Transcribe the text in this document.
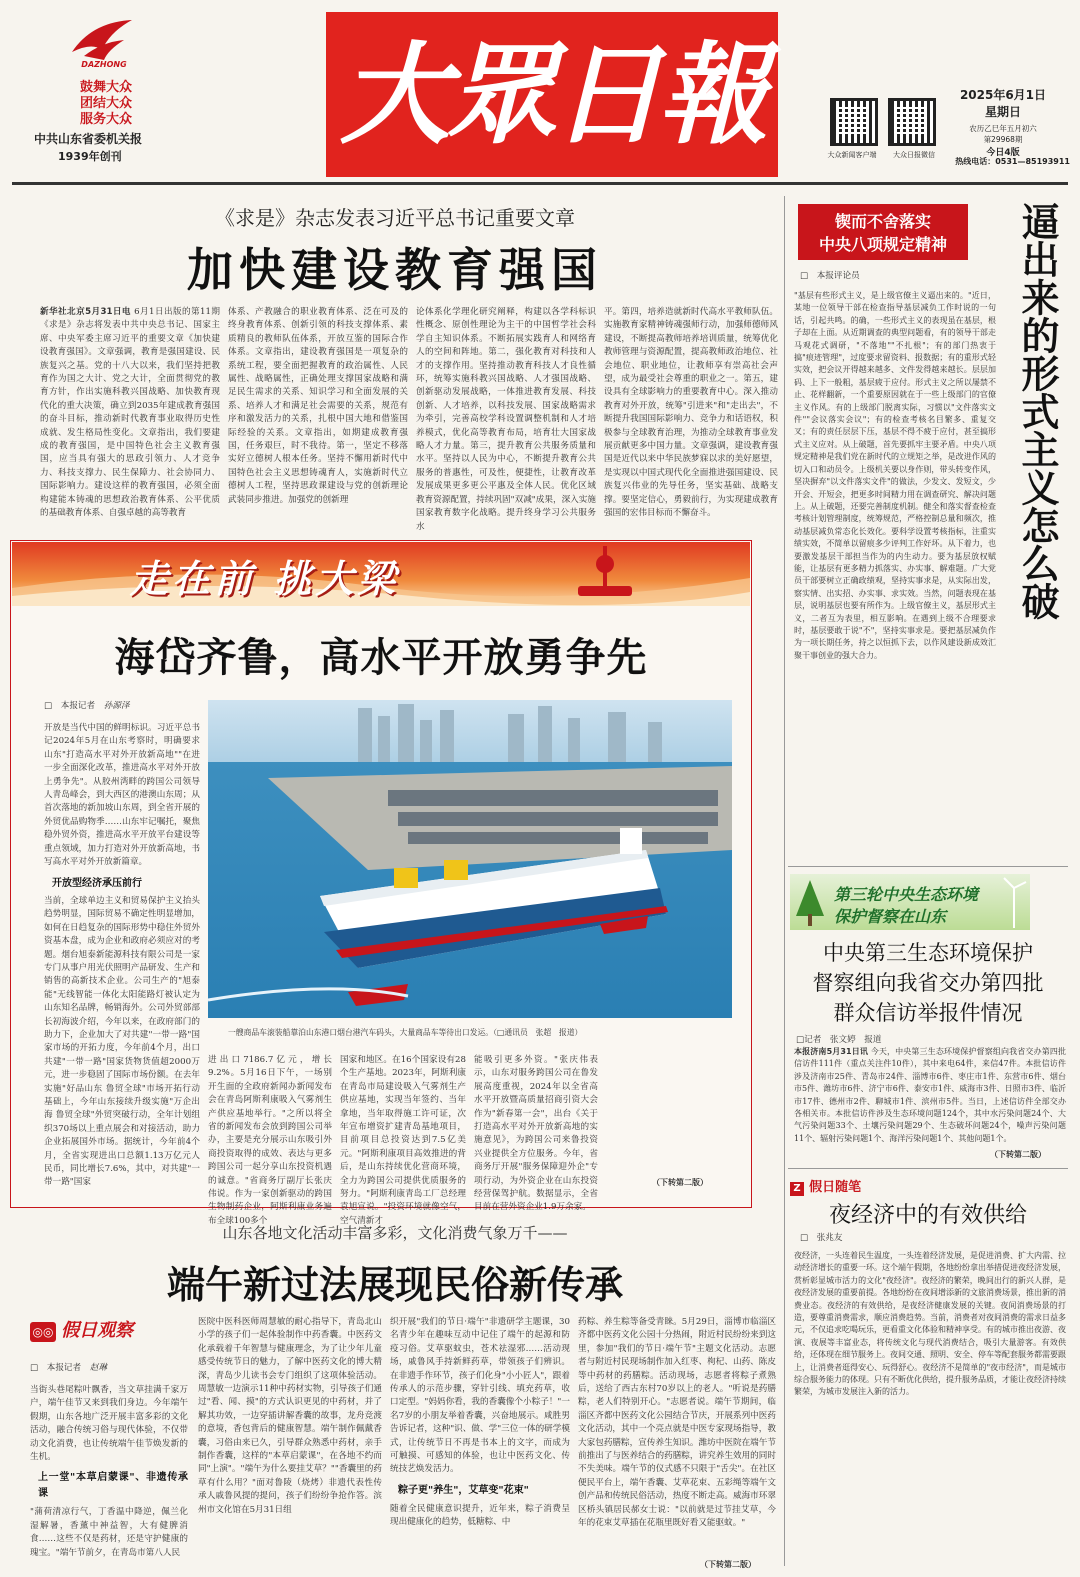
DAZHONG
鼓舞大众
团结大众
服务大众
中共山东省委机关报
1939年创刊	大眾日報	大众新闻客户端	大众日报微信
2025年6月1日
星期日
农历乙巳年五月初六
第29968期
今日4版
热线电话：0531—85193911
《求是》杂志发表习近平总书记重要文章
加快建设教育强国
新华社北京5月31日电 6月1日出版的第11期《求是》杂志将发表中共中央总书记、国家主席、中央军委主席习近平的重要文章《加快建设教育强国》。文章强调，教育是强国建设、民族复兴之基。党的十八大以来，我们坚持把教育作为国之大计、党之大计，全面贯彻党的教育方针，作出实施科教兴国战略、加快教育现代化的重大决策，确立到2035年建成教育强国的奋斗目标，推动新时代教育事业取得历史性成就、发生格局性变化。文章指出，我们要建成的教育强国，是中国特色社会主义教育强国，应当具有强大的思政引领力、人才竞争力、科技支撑力、民生保障力、社会协同力、国际影响力。建设这样的教育强国，必须全面构建能本铸魂的思想政治教育体系、公平优质的基础教育体系、自强卓越的高等教育
体系、产教融合的职业教育体系、泛在可及的终身教育体系、创新引领的科技支撑体系、素质精良的教师队伍体系，开放互鉴的国际合作体系。文章指出，建设教育强国是一项复杂的系统工程，要全面把握教育的政治属性、人民属性、战略属性，正确处理支撑国家战略和满足民生需求的关系、知识学习和全面发展的关系、培养人才和满足社会需要的关系，规范有序和激发活力的关系，扎根中国大地和借鉴国际经验的关系。文章指出，如期建成教育强国，任务艰巨，时不我待。第一，坚定不移落实好立德树人根本任务。坚持不懈用新时代中国特色社会主义思想铸魂育人，实施新时代立德树人工程，坚持思政课建设与党的创新理论武装同步推进。加强党的创新理
论体系化学理化研究阐释，构建以各学科标识性概念、原创性理论为主干的中国哲学社会科学自主知识体系。不断拓展实践育人和网络育人的空间和阵地。第二，强化教育对科技和人才的支撑作用。坚持推动教育科技人才良性循环，统筹实施科教兴国战略、人才强国战略、创新驱动发展战略，一体推进教育发展、科技创新、人才培养，以科技发展、国家战略需求为牵引，完善高校学科设置调整机制和人才培养模式，优化高等教育布局，培育壮大国家战略人才力量。第三，提升教育公共服务质量和水平。坚持以人民为中心，不断提升教育公共服务的普惠性，可及性，便捷性，让教育改革发展成果更多更公平惠及全体人民。优化区域教育资源配置，持续巩固"双减"成果，深入实施国家教育数字化战略。提升终身学习公共服务水
平。第四，培养造就新时代高水平教师队伍。实施教育家精神铸魂强师行动，加强师德师风建设，不断提高教师培养培训质量，统筹优化教师管理与资源配置，提高教师政治地位、社会地位、职业地位，让教师享有崇高社会声望，成为最受社会尊重的职业之一。第五，建设具有全球影响力的重要教育中心。深入推动教育对外开放，统筹"引进来"和"走出去"，不断提升我国国际影响力、竞争力和话语权，积极参与全球教育治理，为推动全球教育事业发展贡献更多中国力量。文章强调，建设教育强国是近代以来中华民族梦寐以求的美好愿望，是实现以中国式现代化全面推进强国建设、民族复兴伟业的先导任务，坚实基础、战略支撑。要坚定信心，勇毅前行，为实现建成教育强国的宏伟目标而不懈奋斗。
走在前 挑大梁
海岱齐鲁，高水平开放勇争先
□　本报记者　 孙源泽
开放是当代中国的鲜明标识。习近平总书记2024年5月在山东考察时，明确要求山东"打造高水平对外开放新高地""在进一步全面深化改革，推进高水平对外开放上勇争先"。从胶州湾畔的跨国公司领导人青岛峰会，到大西区的港澳山东周；从首次落地的新加坡山东周，到全省开展的外贸优品购物季……山东牢记嘱托，聚焦稳外贸外资，推进高水平开放平台建设等重点领域，加力打造对外开放新高地，书写高水平对外开放新篇章。
开放型经济承压前行
当前，全球单边主义和贸易保护主义抬头趋势明显，国际贸易不确定性明显增加，如何在日趋复杂的国际形势中稳住外贸外资基本盘，成为企业和政府必须应对的考题。烟台旭泰新能源科技有限公司是一家专门从事户用光伏照明产品研发、生产和销售的高新技术企业。公司生产的"旭泰能"无线智能一体化太阳能路灯被认定为山东知名品牌，畅销海外。公司外贸部部长初海波介绍，今年以来，在政府部门的助力下，企业加大了对共建"一带一路"国家市场的开拓力度，今年前4个月，出口共建"一带一路"国家货物货值超2000万元，进一步稳固了国际市场份额。在去年实施"好品山东 鲁贸全球"市场开拓行动基础上，今年山东接续升级实施"万企出海 鲁贸全球"外贸突破行动，全年计划组织370场以上重点展会和对接活动，助力企业拓展国外市场。据统计，今年前4个月，全省实现进出口总额1.13万亿元人民币，同比增长7.6%，其中，对共建"一带一路"国家
一艘商品车滚装船靠泊山东港口烟台港汽车码头，大量商品车等待出口发运。（□通讯员　张超　报道）
进出口7186.7亿元，增长9.2%。5月16日下午，一场别开生面的全政府新闻办新闻发布会在青岛阿斯利康吸入气雾剂生产供应基地举行。"之所以将全省的新闻发布会放到跨国公司举办，主要是充分展示山东吸引外商投资取得的成效、表达与更多跨国公司一起分享山东投资机遇的诚意。"省商务厅副厅长张庆伟说。作为一家创新驱动的跨国生物制药企业，阿斯利康业务遍布全球100多个
国家和地区。在16个国家设有28个生产基地。2023年，阿斯利康在青岛市局建设吸入气雾剂生产供应基地，实现当年签约、当年拿地，当年取得施工许可证，次年宣布增资扩建青岛基地项目，目前项目总投资达到7.5亿美元。"阿斯利康项目高效推进的背后，是山东持续优化营商环境，全力为跨国公司提供优质服务的努力。"阿斯利康青岛工厂总经理袁旭宣说。"投资环境就像空气，空气清新才
能吸引更多外资。"张庆伟表示，山东对服务跨国公司在鲁发展高度重视，2024年以全省高水平开放暨高质量招商引资大会作为"新春第一会"，出台《关于打造高水平对外开放新高地的实施意见》，为跨国公司来鲁投资兴业提供全方位服务。今年，省商务厅开展"服务保障迎外企"专项行动，为外资企业在山东投资经营保驾护航。数据显示，全省目前在营外资企业1.9万余家。
（下转第二版）
锲而不舍落实
中央八项规定精神	逼出来的形式主义怎么破
□　本报评论员
"基层有些形式主义，是上级官僚主义逼出来的。"近日，某地一位领导干部在检查指导基层减负工作时说的一句话，引起共鸣。的确，一些形式主义的表现虽在基层，根子却在上面。从近期调查的典型问题看，有的领导干部走马观花式调研，"不落地""不扎根"；有的部门热衷于搞"痕迹管理"，过度要求留资料、报数据；有的重形式轻实效，把会议开得越来越多、文件发得越来越长。层层加码、上下一般粗，基层疲于应付。形式主义之所以屡禁不止、花样翻新，一个重要原因就在于一些上级部门的官僚主义作风。有的上级部门脱离实际，习惯以"文件落实文件""会议落实会议"；有的检查考核名目繁多、重复交叉；有的责任层层下压，基层不得不疲于应付，甚至搞形式主义应对。从上破题，首先要抓牢主要矛盾。中央八项规定精神是我们党在新时代的立规矩之举，是改进作风的切入口和动员令。上级机关要以身作则，带头转变作风，坚决摒弃"以文件落实文件"的做法，少发文、发短文，少开会、开短会，把更多时间精力用在调查研究、解决问题上。从上破题，还要完善制度机制。健全和落实督查检查考核计划管理制度，统筹规范，严格控制总量和频次，推动基层减负常态化长效化。要科学设置考核指标，注重实绩实效，不简单以留痕多少评判工作好坏。从下着力，也要激发基层干部担当作为的内生动力。要为基层放权赋能，让基层有更多精力抓落实、办实事、解难题。广大党员干部要树立正确政绩观，坚持实事求是，从实际出发，察实情、出实招、办实事、求实效。当然，问题表现在基层，说明基层也要有所作为。上级官僚主义，基层形式主义，二者互为表里，相互影响。在遇到上级不合理要求时，基层要敢于说"不"，坚持实事求是。要把基层减负作为一项长期任务，持之以恒抓下去，以作风建设新成效汇聚干事创业的强大合力。
第三轮中央生态环境
保护督察在山东
中央第三生态环境保护
督察组向我省交办第四批
群众信访举报件情况
□记者　张文婷　报道
本报济南5月31日讯 今天，中央第三生态环境保护督察组向我省交办第四批信访件111件（重点关注件10件），其中来电64件，来信47件。本批信访件涉及济南市25件、青岛市24件、淄博市6件、枣庄市1件、东营市6件、烟台市5件、潍坊市6件、济宁市6件、泰安市1件、威海市3件、日照市3件、临沂市17件、德州市2件、聊城市1件、滨州市5件。当日，上述信访件全部交办各相关市。本批信访件涉及生态环境问题124个，其中水污染问题24个、大气污染问题33个、土壤污染问题29个、生态破坏问题24个，噪声污染问题11个、辐射污染问题1个、海洋污染问题1个、其他问题1个。
（下转第二版）
Z 假日随笔
夜经济中的有效供给
□　张兆友
夜经济，一头连着民生温度，一头连着经济发展，是促进消费、扩大内需、拉动经济增长的重要一环。这个端午假期，各地纷纷拿出举措促进夜经济发展，赏析彰显城市活力的文化"夜经济"。夜经济的繁荣，晚间出行的新兴人群，是夜经济发展的重要前提。各地纷纷在夜间增添新的文旅消费场景，推出新的消费业态。夜经济的有效供给，是夜经济健康发展的关键。夜间消费场景的打造，要尊重消费需求，顺应消费趋势。当前，消费者对夜间消费的需求日益多元，不仅追求吃喝玩乐，更看重文化体验和精神享受。有的城市推出夜游、夜演、夜展等丰富业态，将传统文化与现代消费结合，吸引大量游客。有效供给，还体现在细节服务上。夜间交通、照明、安全、停车等配套服务都需要跟上，让消费者逛得安心、玩得舒心。夜经济不是简单的"夜市经济"，而是城市综合服务能力的体现。只有不断优化供给，提升服务品质，才能让夜经济持续繁荣，为城市发展注入新的活力。
山东各地文化活动丰富多彩，文化消费气象万千——
端午新过法展现民俗新传承
◎◎ 假日观察
□　本报记者　 赵琳
当街头巷尾粽叶飘香，当文草挂满千家万户，端午佳节又来到我们身边。今年端午假期，山东各地广泛开展丰富多彩的文化活动，融合传统习俗与现代体验，不仅带动文化消费，也让传统端午佳节焕发新的生机。
上一堂"本草启蒙课"、非遗传承课
"蒲荷清凉行气，丁香温中降逆，佩兰化湿解暑，香薰中神益智，大有健脾消食……这些不仅是药材，还是守护健康的瑰宝。"端午节前夕，在青岛市第八人民
医院中医科医师周慧敏的耐心指导下，青岛北山小学的孩子们一起体验制作中药香囊。中医药文化承载着千年智慧与健康理念，为了让少年儿童感受传统节日的魅力，了解中医药文化的博大精深，青岛少儿读书会专门组织了这项体验活动。周慧敏一边演示11种中药材实物，引导孩子们通过"看、闻、摸"的方式认识更见的中药材，并了解其功效，一边穿插讲解香囊的故事，龙舟竞渡的意境，香包背后的健康智慧。端午制作佩戴香囊，习俗由来已久，引导群众熟悉中药材，亲手制作香囊，这样的"本草启蒙课"，在各地不约而同"上演"。"端午为什么要挂艾草？""香囊里的药草有什么用？"面对鲁陵（烧烤）非遗代表性传承人戚鲁风提的提问，孩子们纷纷争抢作答。滨州市文化馆在5月31日组
织开展"我们的节日·端午"非遗研学主题课，30名青少年在趣味互动中记住了端午的起源和防疫习俗。艾草驱蚊虫，苍术祛湿邪……活动现场，戚鲁风手持新鲜药草，带领孩子们辨识。在非遗手作环节，孩子们化身"小小匠人"，跟着传承人的示范步骤，穿针引线、填充药草，收口定型。"妈妈你看，我的香囊像个小粽子！"一名7岁的小朋友举着香囊，兴奋地展示。咸胜男告诉记者，这种"识、做、学"三位一体的研学模式，让传统节日不再是书本上的文字，而成为可触摸、可感知的体验，也让中医药文化、传统技艺焕发活力。
粽子更"养生"，艾草变"花束"
随着全民健康意识提升，近年来，粽子消费呈现出健康化的趋势，低糖粽、中
药粽、养生粽等备受青睐。5月29日，淄博市临淄区齐都中医药文化公园十分热闹，附近村民纷纷来到这里，参加"我们的节日·端午节"主题文化活动。志愿者与附近村民现场制作加入红枣、枸杞、山药、陈皮等中药材的药膳粽。活动现场，志愿者将粽子煮熟后，送给了西古东村70岁以上的老人。"听说是药膳粽，老人们特别开心。"志愿者说。端午节期间，临淄区齐都中医药文化公园结合节庆，开展系列中医药文化活动，其中一个亮点就是中医专家现场指导，教大家包药膳粽，宣传养生知识。潍坊中医院在端午节前推出了与医养结合的药膳粽，讲究养生效用的同时不失美味。端午节的仪式感不只限于"舌尖"。在社区便民平台上，端午香囊、艾草花束、五彩绳等端午文创产品和传统民俗活动，热度不断走高。威海市环翠区桥头镇居民郝女士说："以前就是过节挂艾草，今年的花束艾草插在花瓶里既好看又能驱蚊。"
（下转第二版）
